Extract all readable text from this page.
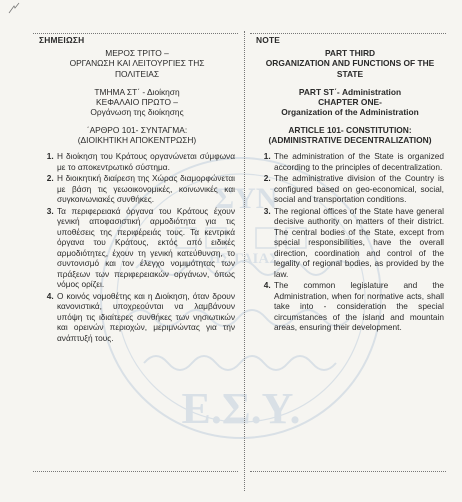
ΣΥΝ
ΗΣ ΓΑΙΑΣ
Ε.Σ.Υ.
ΣΗΜΕΙΩΣΗ
ΜΕΡΟΣ ΤΡΙΤΟ –
ΟΡΓΑΝΩΣΗ ΚΑΙ ΛΕΙΤΟΥΡΓΙΕΣ ΤΗΣ
ΠΟΛΙΤΕΙΑΣ
ΤΜΗΜΑ ΣΤ΄ - Διοίκηση
ΚΕΦΑΛΑΙΟ ΠΡΩΤΟ –
Οργάνωση της διοίκησης
΄ΑΡΘΡΟ 101- ΣΥΝΤΑΓΜΑ:
(ΔΙΟΙΚΗΤΙΚΗ ΑΠΟΚΕΝΤΡΩΣΗ)
1. Η διοίκηση του Κράτους οργανώνεται σύμφωνα με το αποκεντρωτικό σύστημα.
2. Η διοικητική διαίρεση της Χώρας διαμορφώνεται με βάση τις γεωοικονομικές, κοινωνικές και συγκοινωνιακές συνθήκες.
3. Τα περιφερειακά όργανα του Κράτους έχουν γενική αποφασιστική αρμοδιότητα για τις υποθέσεις της περιφέρειάς τους. Τα κεντρικά όργανα του Κράτους, εκτός από ειδικές αρμοδιότητες, έχουν τη γενική κατεύθυνση, το συντονισμό και τον έλεγχο νομιμότητας των πράξεων των περιφερειακών οργάνων, όπως νόμος ορίζει.
4. Ο κοινός νομοθέτης και η Διοίκηση, όταν δρουν κανονιστικά, υποχρεούνται να λαμβάνουν υπόψη τις ιδιαίτερες συνθήκες των νησιωτικών και ορεινών περιοχών, μεριμνώντας για την ανάπτυξή τους.
NOTE
PART THIRD
ORGANIZATION AND FUNCTIONS OF THE
STATE
PART ST΄- Administration
CHAPTER ONE-
Organization of the Administration
ARTICLE 101- CONSTITUTION:
(ADMINISTRATIVE DECENTRALIZATION)
1. The administration of the State is organized according to the principles of decentralization.
2. The administrative division of the Country is configured based on geo-economical, social, social and transportation conditions.
3. The regional offices of the State have general decisive authority on matters of their district. The central bodies of the State, except from special responsibilities, have the overall direction, coordination and control of the legality of regional bodies, as provided by the law.
4. The common legislature and the Administration, when for normative acts, shall take into - consideration the special circumstances of the island and mountain areas, ensuring their development.
